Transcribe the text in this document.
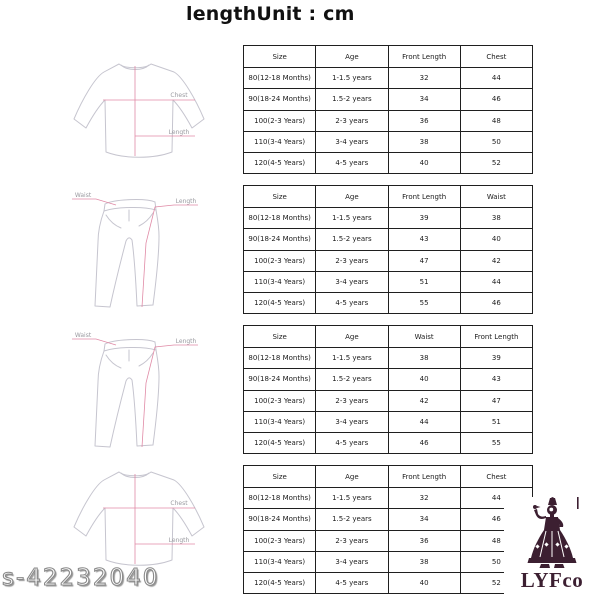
lengthUnit : cm
Chest
Length
Waist
Length
Waist
Length
Chest
Length
Size	Age	Front Length	Chest
80(12-18 Months)	1-1.5 years	32	44
90(18-24 Months)	1.5-2 years	34	46
100(2-3 Years)	2-3 years	36	48
110(3-4 Years)	3-4 years	38	50
120(4-5 Years)	4-5 years	40	52
Size	Age	Front Length	Waist
80(12-18 Months)	1-1.5 years	39	38
90(18-24 Months)	1.5-2 years	43	40
100(2-3 Years)	2-3 years	47	42
110(3-4 Years)	3-4 years	51	44
120(4-5 Years)	4-5 years	55	46
Size	Age	Waist	Front Length
80(12-18 Months)	1-1.5 years	38	39
90(18-24 Months)	1.5-2 years	40	43
100(2-3 Years)	2-3 years	42	47
110(3-4 Years)	3-4 years	44	51
120(4-5 Years)	4-5 years	46	55
Size	Age	Front Length	Chest
80(12-18 Months)	1-1.5 years	32	44
90(18-24 Months)	1.5-2 years	34	46
100(2-3 Years)	2-3 years	36	48
110(3-4 Years)	3-4 years	38	50
120(4-5 Years)	4-5 years	40	52
s-42232040	LYFco
